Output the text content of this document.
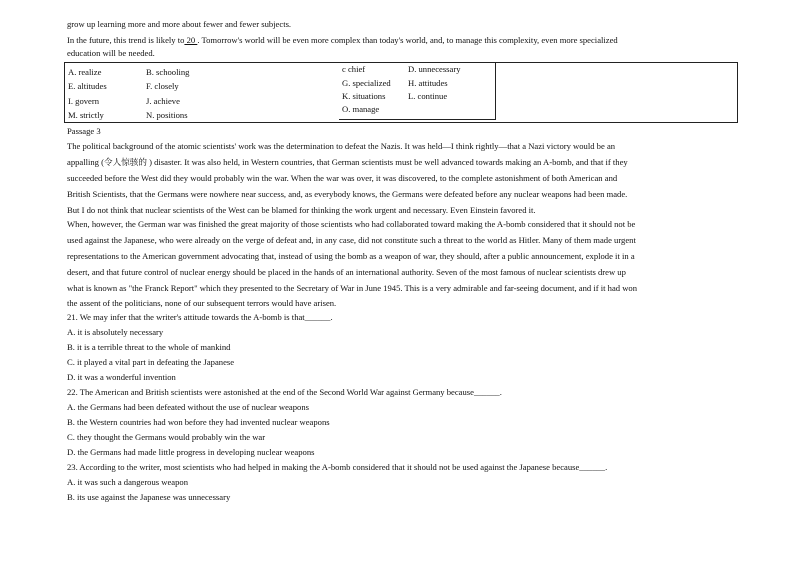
grow up learning more and more about fewer and fewer subjects.
In the future, this trend is likely to 20 . Tomorrow's world will be even more complex than today's world, and, to manage this complexity, even more specialized
education will be needed.
A. realize
E. altitudes
I. govern
M. strictly
B. schooling
F. closely
J. achieve
N. positions
c chief
G. specialized
K. situations
O. manage
D. unnecessary
H. attitudes
L. continue
Passage 3
The political background of the atomic scientists' work was the determination to defeat the Nazis. It was held—I think rightly—that a Nazi victory would be an
appalling (令人惊骇的 ) disaster. It was also held, in Western countries, that German scientists must be well advanced towards making an A-bomb, and that if they
succeeded before the West did they would probably win the war. When the war was over, it was discovered, to the complete astonishment of both American and
British Scientists, that the Germans were nowhere near success, and, as everybody knows, the Germans were defeated before any nuclear weapons had been made.
But I do not think that nuclear scientists of the West can be blamed for thinking the work urgent and necessary. Even Einstein favored it.
When, however, the German war was finished the great majority of those scientists who had collaborated toward making the A-bomb considered that it should not be
used against the Japanese, who were already on the verge of defeat and, in any case, did not constitute such a threat to the world as Hitler. Many of them made urgent
representations to the American government advocating that, instead of using the bomb as a weapon of war, they should, after a public announcement, explode it in a
desert, and that future control of nuclear energy should be placed in the hands of an international authority. Seven of the most famous of nuclear scientists drew up
what is known as "the Franck Report" which they presented to the Secretary of War in June 1945. This is a very admirable and far-seeing document, and if it had won
the assent of the politicians, none of our subsequent terrors would have arisen.
21. We may infer that the writer's attitude towards the A-bomb is that______.
A. it is absolutely necessary
B. it is a terrible threat to the whole of mankind
C. it played a vital part in defeating the Japanese
D. it was a wonderful invention
22. The American and British scientists were astonished at the end of the Second World War against Germany because______.
A. the Germans had been defeated without the use of nuclear weapons
B. the Western countries had won before they had invented nuclear weapons
C. they thought the Germans would probably win the war
D. the Germans had made little progress in developing nuclear weapons
23. According to the writer, most scientists who had helped in making the A-bomb considered that it should not be used against the Japanese because______.
A. it was such a dangerous weapon
B. its use against the Japanese was unnecessary
